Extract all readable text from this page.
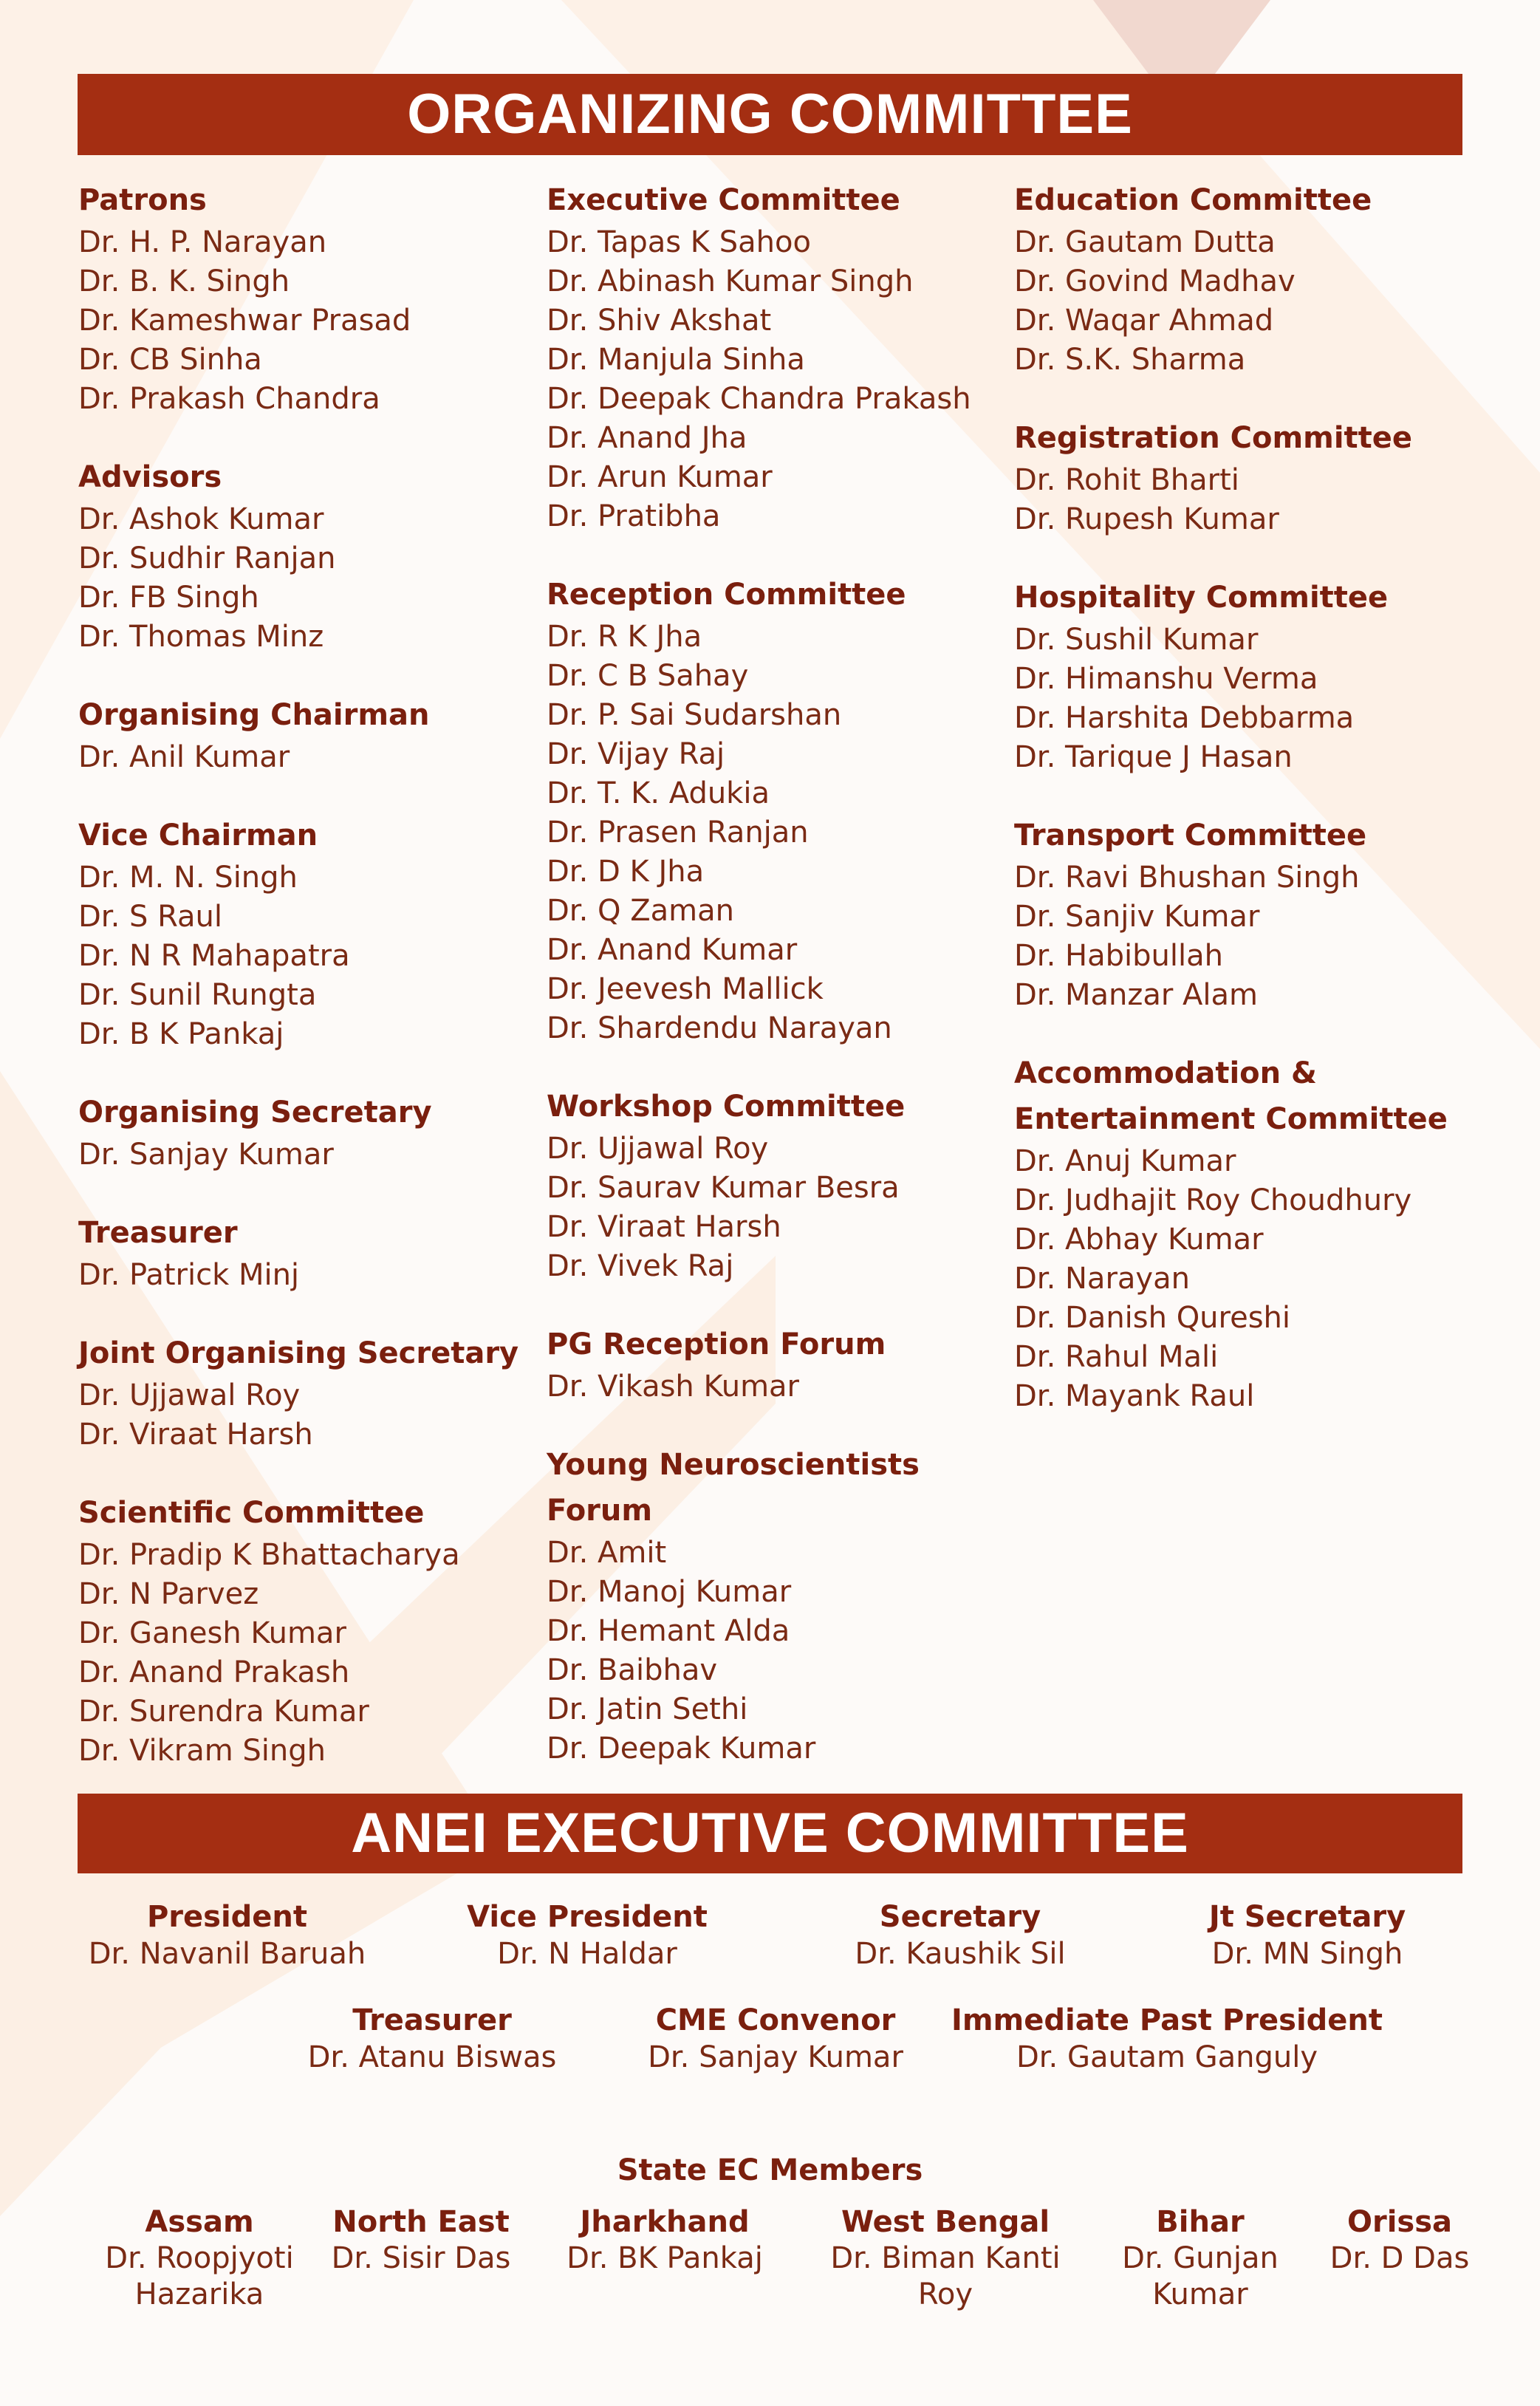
ORGANIZING COMMITTEE
Patrons
Dr. H. P. Narayan
Dr. B. K. Singh
Dr. Kameshwar Prasad
Dr. CB Sinha
Dr. Prakash Chandra
Advisors
Dr. Ashok Kumar
Dr. Sudhir Ranjan
Dr. FB Singh
Dr. Thomas Minz
Organising Chairman
Dr. Anil Kumar
Vice Chairman
Dr. M. N. Singh
Dr. S Raul
Dr. N R Mahapatra
Dr. Sunil Rungta
Dr. B K Pankaj
Organising Secretary
Dr. Sanjay Kumar
Treasurer
Dr. Patrick Minj
Joint Organising Secretary
Dr. Ujjawal Roy
Dr. Viraat Harsh
Scientific Committee
Dr. Pradip K Bhattacharya
Dr. N Parvez
Dr. Ganesh Kumar
Dr. Anand Prakash
Dr. Surendra Kumar
Dr. Vikram Singh
Executive Committee
Dr. Tapas K Sahoo
Dr. Abinash Kumar Singh
Dr. Shiv Akshat
Dr. Manjula Sinha
Dr. Deepak Chandra Prakash
Dr. Anand Jha
Dr. Arun Kumar
Dr. Pratibha
Reception Committee
Dr. R K Jha
Dr. C B Sahay
Dr. P. Sai Sudarshan
Dr. Vijay Raj
Dr. T. K. Adukia
Dr. Prasen Ranjan
Dr. D K Jha
Dr. Q Zaman
Dr. Anand Kumar
Dr. Jeevesh Mallick
Dr. Shardendu Narayan
Workshop Committee
Dr. Ujjawal Roy
Dr. Saurav Kumar Besra
Dr. Viraat Harsh
Dr. Vivek Raj
PG Reception Forum
Dr. Vikash Kumar
Young Neuroscientists Forum
Dr. Amit
Dr. Manoj Kumar
Dr. Hemant Alda
Dr. Baibhav
Dr. Jatin Sethi
Dr. Deepak Kumar
Education Committee
Dr. Gautam Dutta
Dr. Govind Madhav
Dr. Waqar Ahmad
Dr. S.K. Sharma
Registration Committee
Dr. Rohit Bharti
Dr. Rupesh Kumar
Hospitality Committee
Dr. Sushil Kumar
Dr. Himanshu Verma
Dr. Harshita Debbarma
Dr. Tarique J Hasan
Transport Committee
Dr. Ravi Bhushan Singh
Dr. Sanjiv Kumar
Dr. Habibullah
Dr. Manzar Alam
Accommodation & Entertainment Committee
Dr. Anuj Kumar
Dr. Judhajit Roy Choudhury
Dr. Abhay Kumar
Dr. Narayan
Dr. Danish Qureshi
Dr. Rahul Mali
Dr. Mayank Raul
ANEI EXECUTIVE COMMITTEE
President
Dr. Navanil Baruah
Vice President
Dr. N Haldar
Secretary
Dr. Kaushik Sil
Jt Secretary
Dr. MN Singh
Treasurer
Dr. Atanu Biswas
CME Convenor
Dr. Sanjay Kumar
Immediate Past President
Dr. Gautam Ganguly
State EC Members
Assam
Dr. Roopjyoti Hazarika
North East
Dr. Sisir Das
Jharkhand
Dr. BK Pankaj
West Bengal
Dr. Biman Kanti Roy
Bihar
Dr. Gunjan Kumar
Orissa
Dr. D Das
